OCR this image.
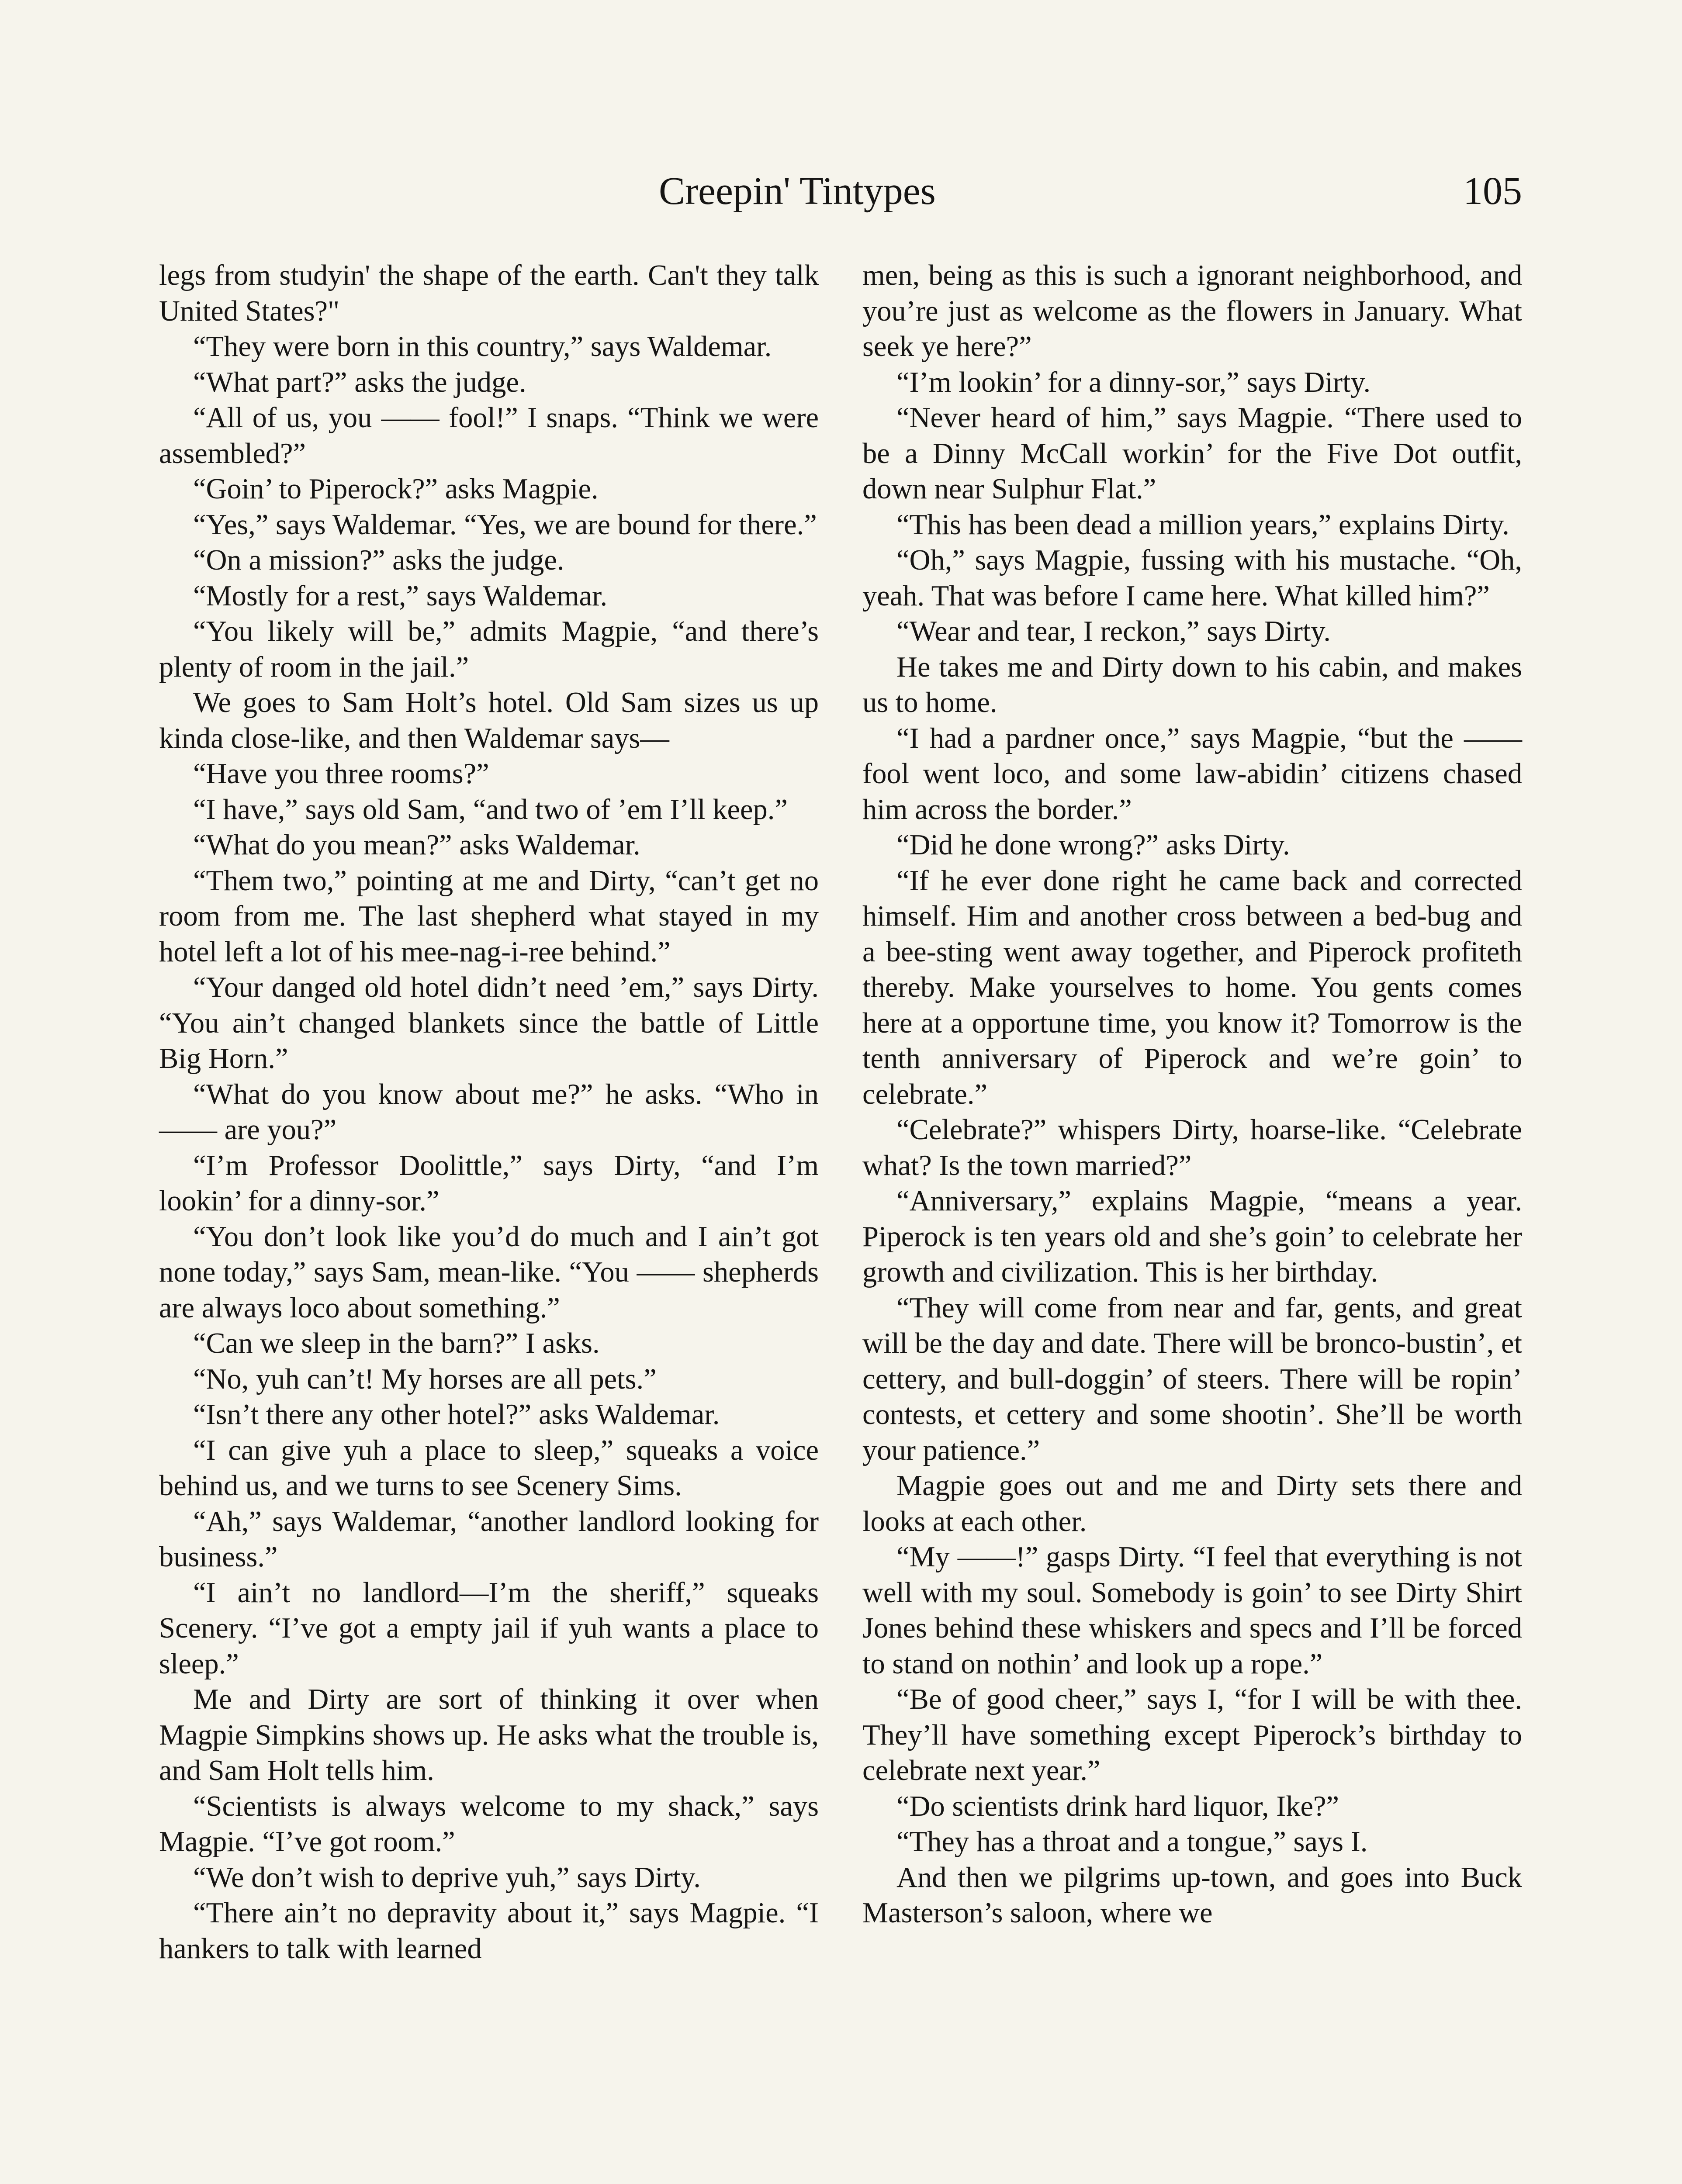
Creepin' Tintypes	105

legs from studyin' the shape of the earth. Can't they talk United States?"

“They were born in this country,” says Waldemar.

“What part?” asks the judge.

“All of us, you —— fool!” I snaps. “Think we were assembled?”

“Goin’ to Piperock?” asks Magpie.

“Yes,” says Waldemar. “Yes, we are bound for there.”

“On a mission?” asks the judge.

“Mostly for a rest,” says Waldemar.

“You likely will be,” admits Magpie, “and there’s plenty of room in the jail.”

We goes to Sam Holt’s hotel. Old Sam sizes us up kinda close-like, and then Waldemar says—

“Have you three rooms?”

“I have,” says old Sam, “and two of ’em I’ll keep.”

“What do you mean?” asks Waldemar.

“Them two,” pointing at me and Dirty, “can’t get no room from me. The last shepherd what stayed in my hotel left a lot of his mee-nag-i-ree behind.”

“Your danged old hotel didn’t need ’em,” says Dirty. “You ain’t changed blankets since the battle of Little Big Horn.”

“What do you know about me?” he asks. “Who in —— are you?”

“I’m Professor Doolittle,” says Dirty, “and I’m lookin’ for a dinny-sor.”

“You don’t look like you’d do much and I ain’t got none today,” says Sam, mean-like. “You —— shepherds are always loco about something.”

“Can we sleep in the barn?” I asks.

“No, yuh can’t! My horses are all pets.”

“Isn’t there any other hotel?” asks Waldemar.

“I can give yuh a place to sleep,” squeaks a voice behind us, and we turns to see Scenery Sims.

“Ah,” says Waldemar, “another landlord looking for business.”

“I ain’t no landlord—I’m the sheriff,” squeaks Scenery. “I’ve got a empty jail if yuh wants a place to sleep.”

Me and Dirty are sort of thinking it over when Magpie Simpkins shows up. He asks what the trouble is, and Sam Holt tells him.

“Scientists is always welcome to my shack,” says Magpie. “I’ve got room.”

“We don’t wish to deprive yuh,” says Dirty.

“There ain’t no depravity about it,” says Magpie. “I hankers to talk with learned

men, being as this is such a ignorant neighborhood, and you’re just as welcome as the flowers in January. What seek ye here?”

“I’m lookin’ for a dinny-sor,” says Dirty.

“Never heard of him,” says Magpie. “There used to be a Dinny McCall workin’ for the Five Dot outfit, down near Sulphur Flat.”

“This has been dead a million years,” explains Dirty.

“Oh,” says Magpie, fussing with his mustache. “Oh, yeah. That was before I came here. What killed him?”

“Wear and tear, I reckon,” says Dirty.

He takes me and Dirty down to his cabin, and makes us to home.

“I had a pardner once,” says Magpie, “but the —— fool went loco, and some law-abidin’ citizens chased him across the border.”

“Did he done wrong?” asks Dirty.

“If he ever done right he came back and corrected himself. Him and another cross between a bed-bug and a bee-sting went away together, and Piperock profiteth thereby. Make yourselves to home. You gents comes here at a opportune time, you know it? Tomorrow is the tenth anniversary of Piperock and we’re goin’ to celebrate.”

“Celebrate?” whispers Dirty, hoarse-like. “Celebrate what? Is the town married?”

“Anniversary,” explains Magpie, “means a year. Piperock is ten years old and she’s goin’ to celebrate her growth and civilization. This is her birthday.

“They will come from near and far, gents, and great will be the day and date. There will be bronco-bustin’, et cettery, and bull-doggin’ of steers. There will be ropin’ contests, et cettery and some shootin’. She’ll be worth your patience.”

Magpie goes out and me and Dirty sets there and looks at each other.

“My ——!” gasps Dirty. “I feel that everything is not well with my soul. Somebody is goin’ to see Dirty Shirt Jones behind these whiskers and specs and I’ll be forced to stand on nothin’ and look up a rope.”

“Be of good cheer,” says I, “for I will be with thee. They’ll have something except Piperock’s birthday to celebrate next year.”

“Do scientists drink hard liquor, Ike?”

“They has a throat and a tongue,” says I.

And then we pilgrims up-town, and goes into Buck Masterson’s saloon, where we
